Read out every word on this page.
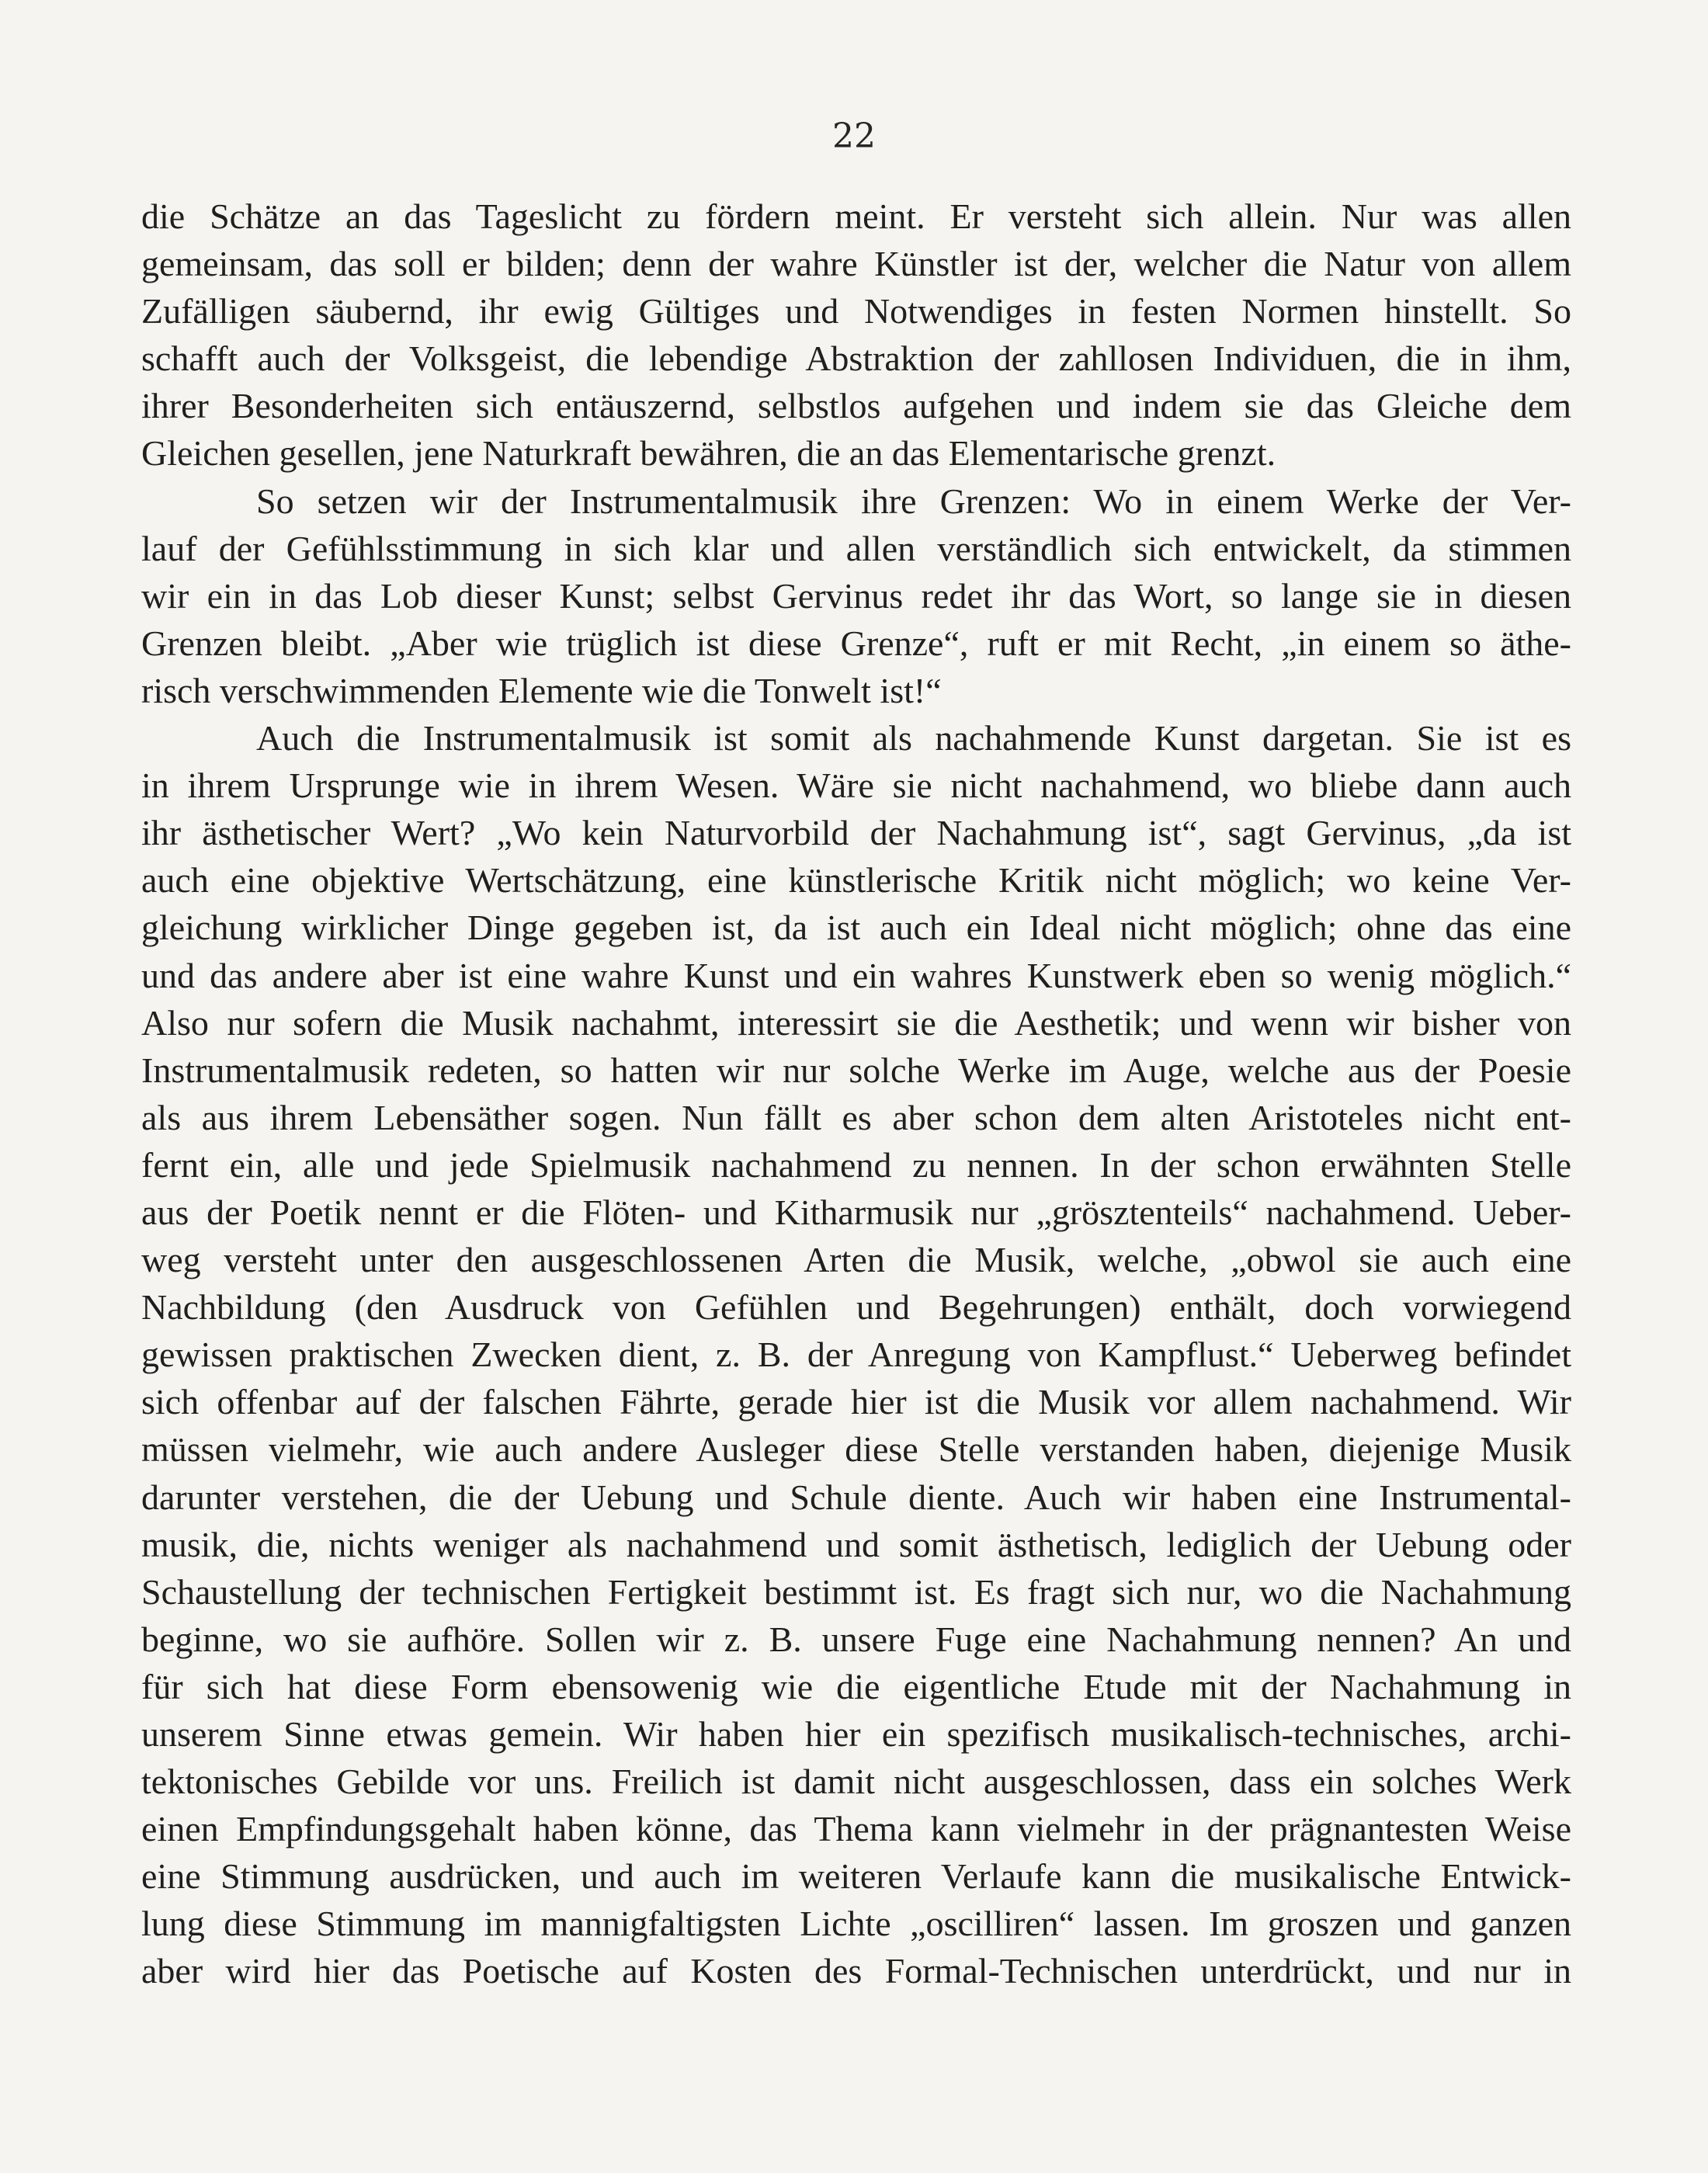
22
die Schätze an das Tageslicht zu fördern meint. Er versteht sich allein. Nur was allen
gemeinsam, das soll er bilden; denn der wahre Künstler ist der, welcher die Natur von allem
Zufälligen säubernd, ihr ewig Gültiges und Notwendiges in festen Normen hinstellt. So
schafft auch der Volksgeist, die lebendige Abstraktion der zahllosen Individuen, die in ihm,
ihrer Besonderheiten sich entäuszernd, selbstlos aufgehen und indem sie das Gleiche dem
Gleichen gesellen, jene Naturkraft bewähren, die an das Elementarische grenzt.
So setzen wir der Instrumentalmusik ihre Grenzen: Wo in einem Werke der Ver-
lauf der Gefühlsstimmung in sich klar und allen verständlich sich entwickelt, da stimmen
wir ein in das Lob dieser Kunst; selbst Gervinus redet ihr das Wort, so lange sie in diesen
Grenzen bleibt. „Aber wie trüglich ist diese Grenze“, ruft er mit Recht, „in einem so äthe-
risch verschwimmenden Elemente wie die Tonwelt ist!“
Auch die Instrumentalmusik ist somit als nachahmende Kunst dargetan. Sie ist es
in ihrem Ursprunge wie in ihrem Wesen. Wäre sie nicht nachahmend, wo bliebe dann auch
ihr ästhetischer Wert? „Wo kein Naturvorbild der Nachahmung ist“, sagt Gervinus, „da ist
auch eine objektive Wertschätzung, eine künstlerische Kritik nicht möglich; wo keine Ver-
gleichung wirklicher Dinge gegeben ist, da ist auch ein Ideal nicht möglich; ohne das eine
und das andere aber ist eine wahre Kunst und ein wahres Kunstwerk eben so wenig möglich.“
Also nur sofern die Musik nachahmt, interessirt sie die Aesthetik; und wenn wir bisher von
Instrumentalmusik redeten, so hatten wir nur solche Werke im Auge, welche aus der Poesie
als aus ihrem Lebensäther sogen. Nun fällt es aber schon dem alten Aristoteles nicht ent-
fernt ein, alle und jede Spielmusik nachahmend zu nennen. In der schon erwähnten Stelle
aus der Poetik nennt er die Flöten- und Kitharmusik nur „grösztenteils“ nachahmend. Ueber-
weg versteht unter den ausgeschlossenen Arten die Musik, welche, „obwol sie auch eine
Nachbildung (den Ausdruck von Gefühlen und Begehrungen) enthält, doch vorwiegend
gewissen praktischen Zwecken dient, z. B. der Anregung von Kampflust.“ Ueberweg befindet
sich offenbar auf der falschen Fährte, gerade hier ist die Musik vor allem nachahmend. Wir
müssen vielmehr, wie auch andere Ausleger diese Stelle verstanden haben, diejenige Musik
darunter verstehen, die der Uebung und Schule diente. Auch wir haben eine Instrumental-
musik, die, nichts weniger als nachahmend und somit ästhetisch, lediglich der Uebung oder
Schaustellung der technischen Fertigkeit bestimmt ist. Es fragt sich nur, wo die Nachahmung
beginne, wo sie aufhöre. Sollen wir z. B. unsere Fuge eine Nachahmung nennen? An und
für sich hat diese Form ebensowenig wie die eigentliche Etude mit der Nachahmung in
unserem Sinne etwas gemein. Wir haben hier ein spezifisch musikalisch-technisches, archi-
tektonisches Gebilde vor uns. Freilich ist damit nicht ausgeschlossen, dass ein solches Werk
einen Empfindungsgehalt haben könne, das Thema kann vielmehr in der prägnantesten Weise
eine Stimmung ausdrücken, und auch im weiteren Verlaufe kann die musikalische Entwick-
lung diese Stimmung im mannigfaltigsten Lichte „oscilliren“ lassen. Im groszen und ganzen
aber wird hier das Poetische auf Kosten des Formal-Technischen unterdrückt, und nur in
